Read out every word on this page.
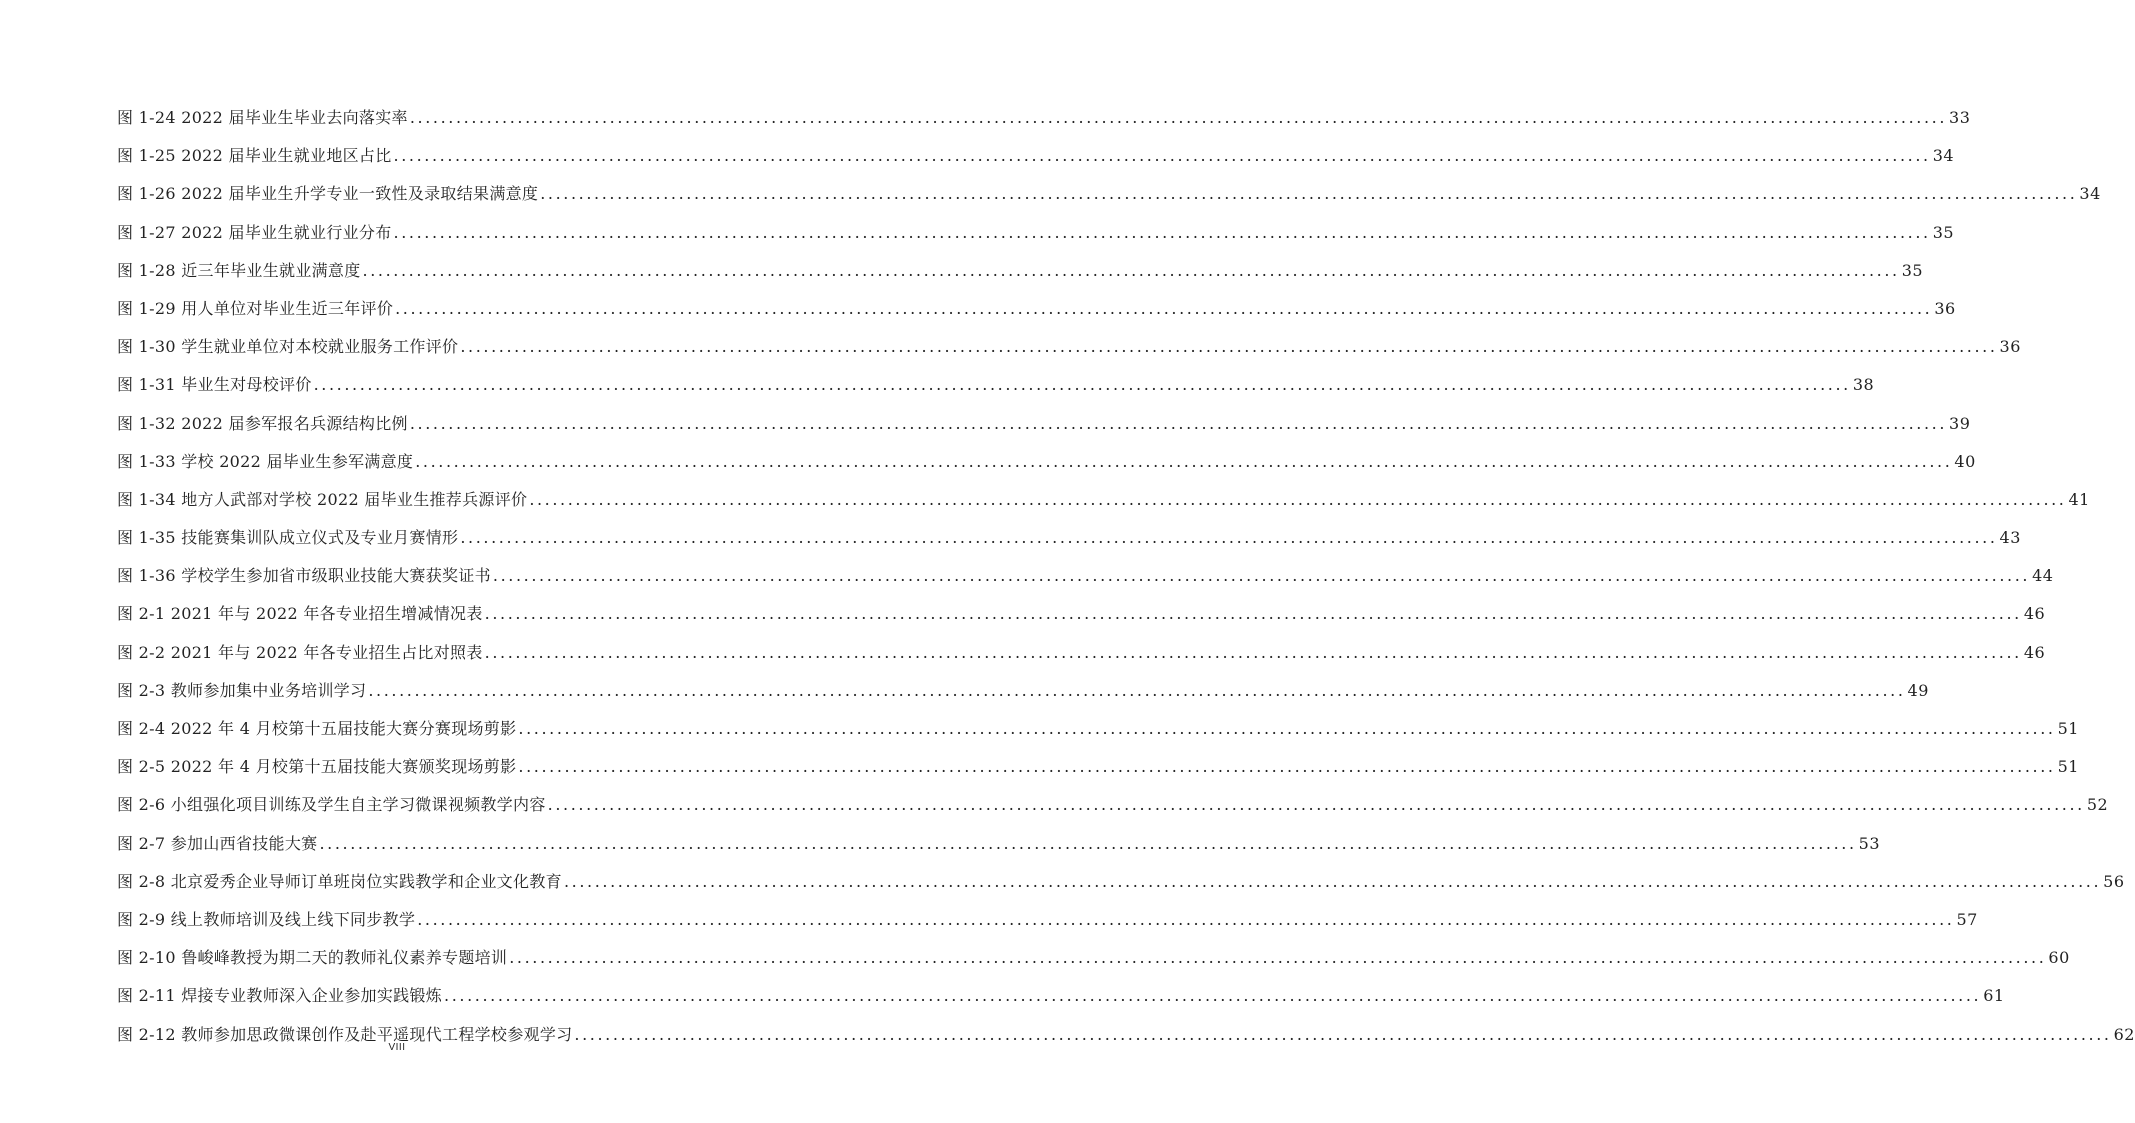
图 1-24 2022 届毕业生毕业去向落实率 ........................................................................................................................................................................................................ 33
图 1-25 2022 届毕业生就业地区占比 ........................................................................................................................................................................................................ 34
图 1-26 2022 届毕业生升学专业一致性及录取结果满意度 ........................................................................................................................................................................................................ 34
图 1-27 2022 届毕业生就业行业分布 ........................................................................................................................................................................................................ 35
图 1-28 近三年毕业生就业满意度 ........................................................................................................................................................................................................ 35
图 1-29 用人单位对毕业生近三年评价 ........................................................................................................................................................................................................ 36
图 1-30 学生就业单位对本校就业服务工作评价 ........................................................................................................................................................................................................ 36
图 1-31 毕业生对母校评价 ........................................................................................................................................................................................................ 38
图 1-32 2022 届参军报名兵源结构比例 ........................................................................................................................................................................................................ 39
图 1-33 学校 2022 届毕业生参军满意度 ........................................................................................................................................................................................................ 40
图 1-34 地方人武部对学校 2022 届毕业生推荐兵源评价 ........................................................................................................................................................................................................ 41
图 1-35 技能赛集训队成立仪式及专业月赛情形 ........................................................................................................................................................................................................ 43
图 1-36 学校学生参加省市级职业技能大赛获奖证书 ........................................................................................................................................................................................................ 44
图 2-1 2021 年与 2022 年各专业招生增减情况表 ........................................................................................................................................................................................................ 46
图 2-2 2021 年与 2022 年各专业招生占比对照表 ........................................................................................................................................................................................................ 46
图 2-3 教师参加集中业务培训学习 ........................................................................................................................................................................................................ 49
图 2-4 2022 年 4 月校第十五届技能大赛分赛现场剪影 ........................................................................................................................................................................................................ 51
图 2-5 2022 年 4 月校第十五届技能大赛颁奖现场剪影 ........................................................................................................................................................................................................ 51
图 2-6 小组强化项目训练及学生自主学习微课视频教学内容 ........................................................................................................................................................................................................ 52
图 2-7 参加山西省技能大赛 ........................................................................................................................................................................................................ 53
图 2-8 北京爱秀企业导师订单班岗位实践教学和企业文化教育 ........................................................................................................................................................................................................ 56
图 2-9 线上教师培训及线上线下同步教学 ........................................................................................................................................................................................................ 57
图 2-10 鲁峻峰教授为期二天的教师礼仪素养专题培训 ........................................................................................................................................................................................................ 60
图 2-11 焊接专业教师深入企业参加实践锻炼 ........................................................................................................................................................................................................ 61
图 2-12 教师参加思政微课创作及赴平遥现代工程学校参观学习 ........................................................................................................................................................................................................ 62
VIII
